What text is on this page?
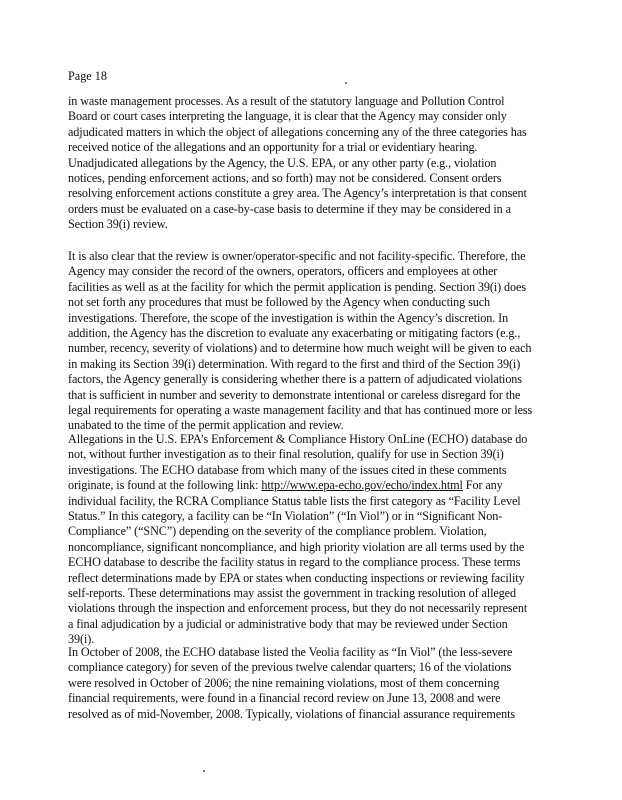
Page 18
in waste management processes. As a result of the statutory language and Pollution Control
Board or court cases interpreting the language, it is clear that the Agency may consider only
adjudicated matters in which the object of allegations concerning any of the three categories has
received notice of the allegations and an opportunity for a trial or evidentiary hearing.
Unadjudicated allegations by the Agency, the U.S. EPA, or any other party (e.g., violation
notices, pending enforcement actions, and so forth) may not be considered. Consent orders
resolving enforcement actions constitute a grey area. The Agency’s interpretation is that consent
orders must be evaluated on a case-by-case basis to determine if they may be considered in a
Section 39(i) review.
It is also clear that the review is owner/operator-specific and not facility-specific. Therefore, the
Agency may consider the record of the owners, operators, officers and employees at other
facilities as well as at the facility for which the permit application is pending. Section 39(i) does
not set forth any procedures that must be followed by the Agency when conducting such
investigations. Therefore, the scope of the investigation is within the Agency’s discretion. In
addition, the Agency has the discretion to evaluate any exacerbating or mitigating factors (e.g.,
number, recency, severity of violations) and to determine how much weight will be given to each
in making its Section 39(i) determination. With regard to the first and third of the Section 39(i)
factors, the Agency generally is considering whether there is a pattern of adjudicated violations
that is sufficient in number and severity to demonstrate intentional or careless disregard for the
legal requirements for operating a waste management facility and that has continued more or less
unabated to the time of the permit application and review.
Allegations in the U.S. EPA’s Enforcement & Compliance History OnLine (ECHO) database do
not, without further investigation as to their final resolution, qualify for use in Section 39(i)
investigations. The ECHO database from which many of the issues cited in these comments
originate, is found at the following link: http://www.epa-echo.gov/echo/index.html For any
individual facility, the RCRA Compliance Status table lists the first category as “Facility Level
Status.” In this category, a facility can be “In Violation” (“In Viol”) or in “Significant Non-
Compliance” (“SNC”) depending on the severity of the compliance problem. Violation,
noncompliance, significant noncompliance, and high priority violation are all terms used by the
ECHO database to describe the facility status in regard to the compliance process. These terms
reflect determinations made by EPA or states when conducting inspections or reviewing facility
self-reports. These determinations may assist the government in tracking resolution of alleged
violations through the inspection and enforcement process, but they do not necessarily represent
a final adjudication by a judicial or administrative body that may be reviewed under Section
39(i).
In October of 2008, the ECHO database listed the Veolia facility as “In Viol” (the less-severe
compliance category) for seven of the previous twelve calendar quarters; 16 of the violations
were resolved in October of 2006; the nine remaining violations, most of them concerning
financial requirements, were found in a financial record review on June 13, 2008 and were
resolved as of mid-November, 2008. Typically, violations of financial assurance requirements
